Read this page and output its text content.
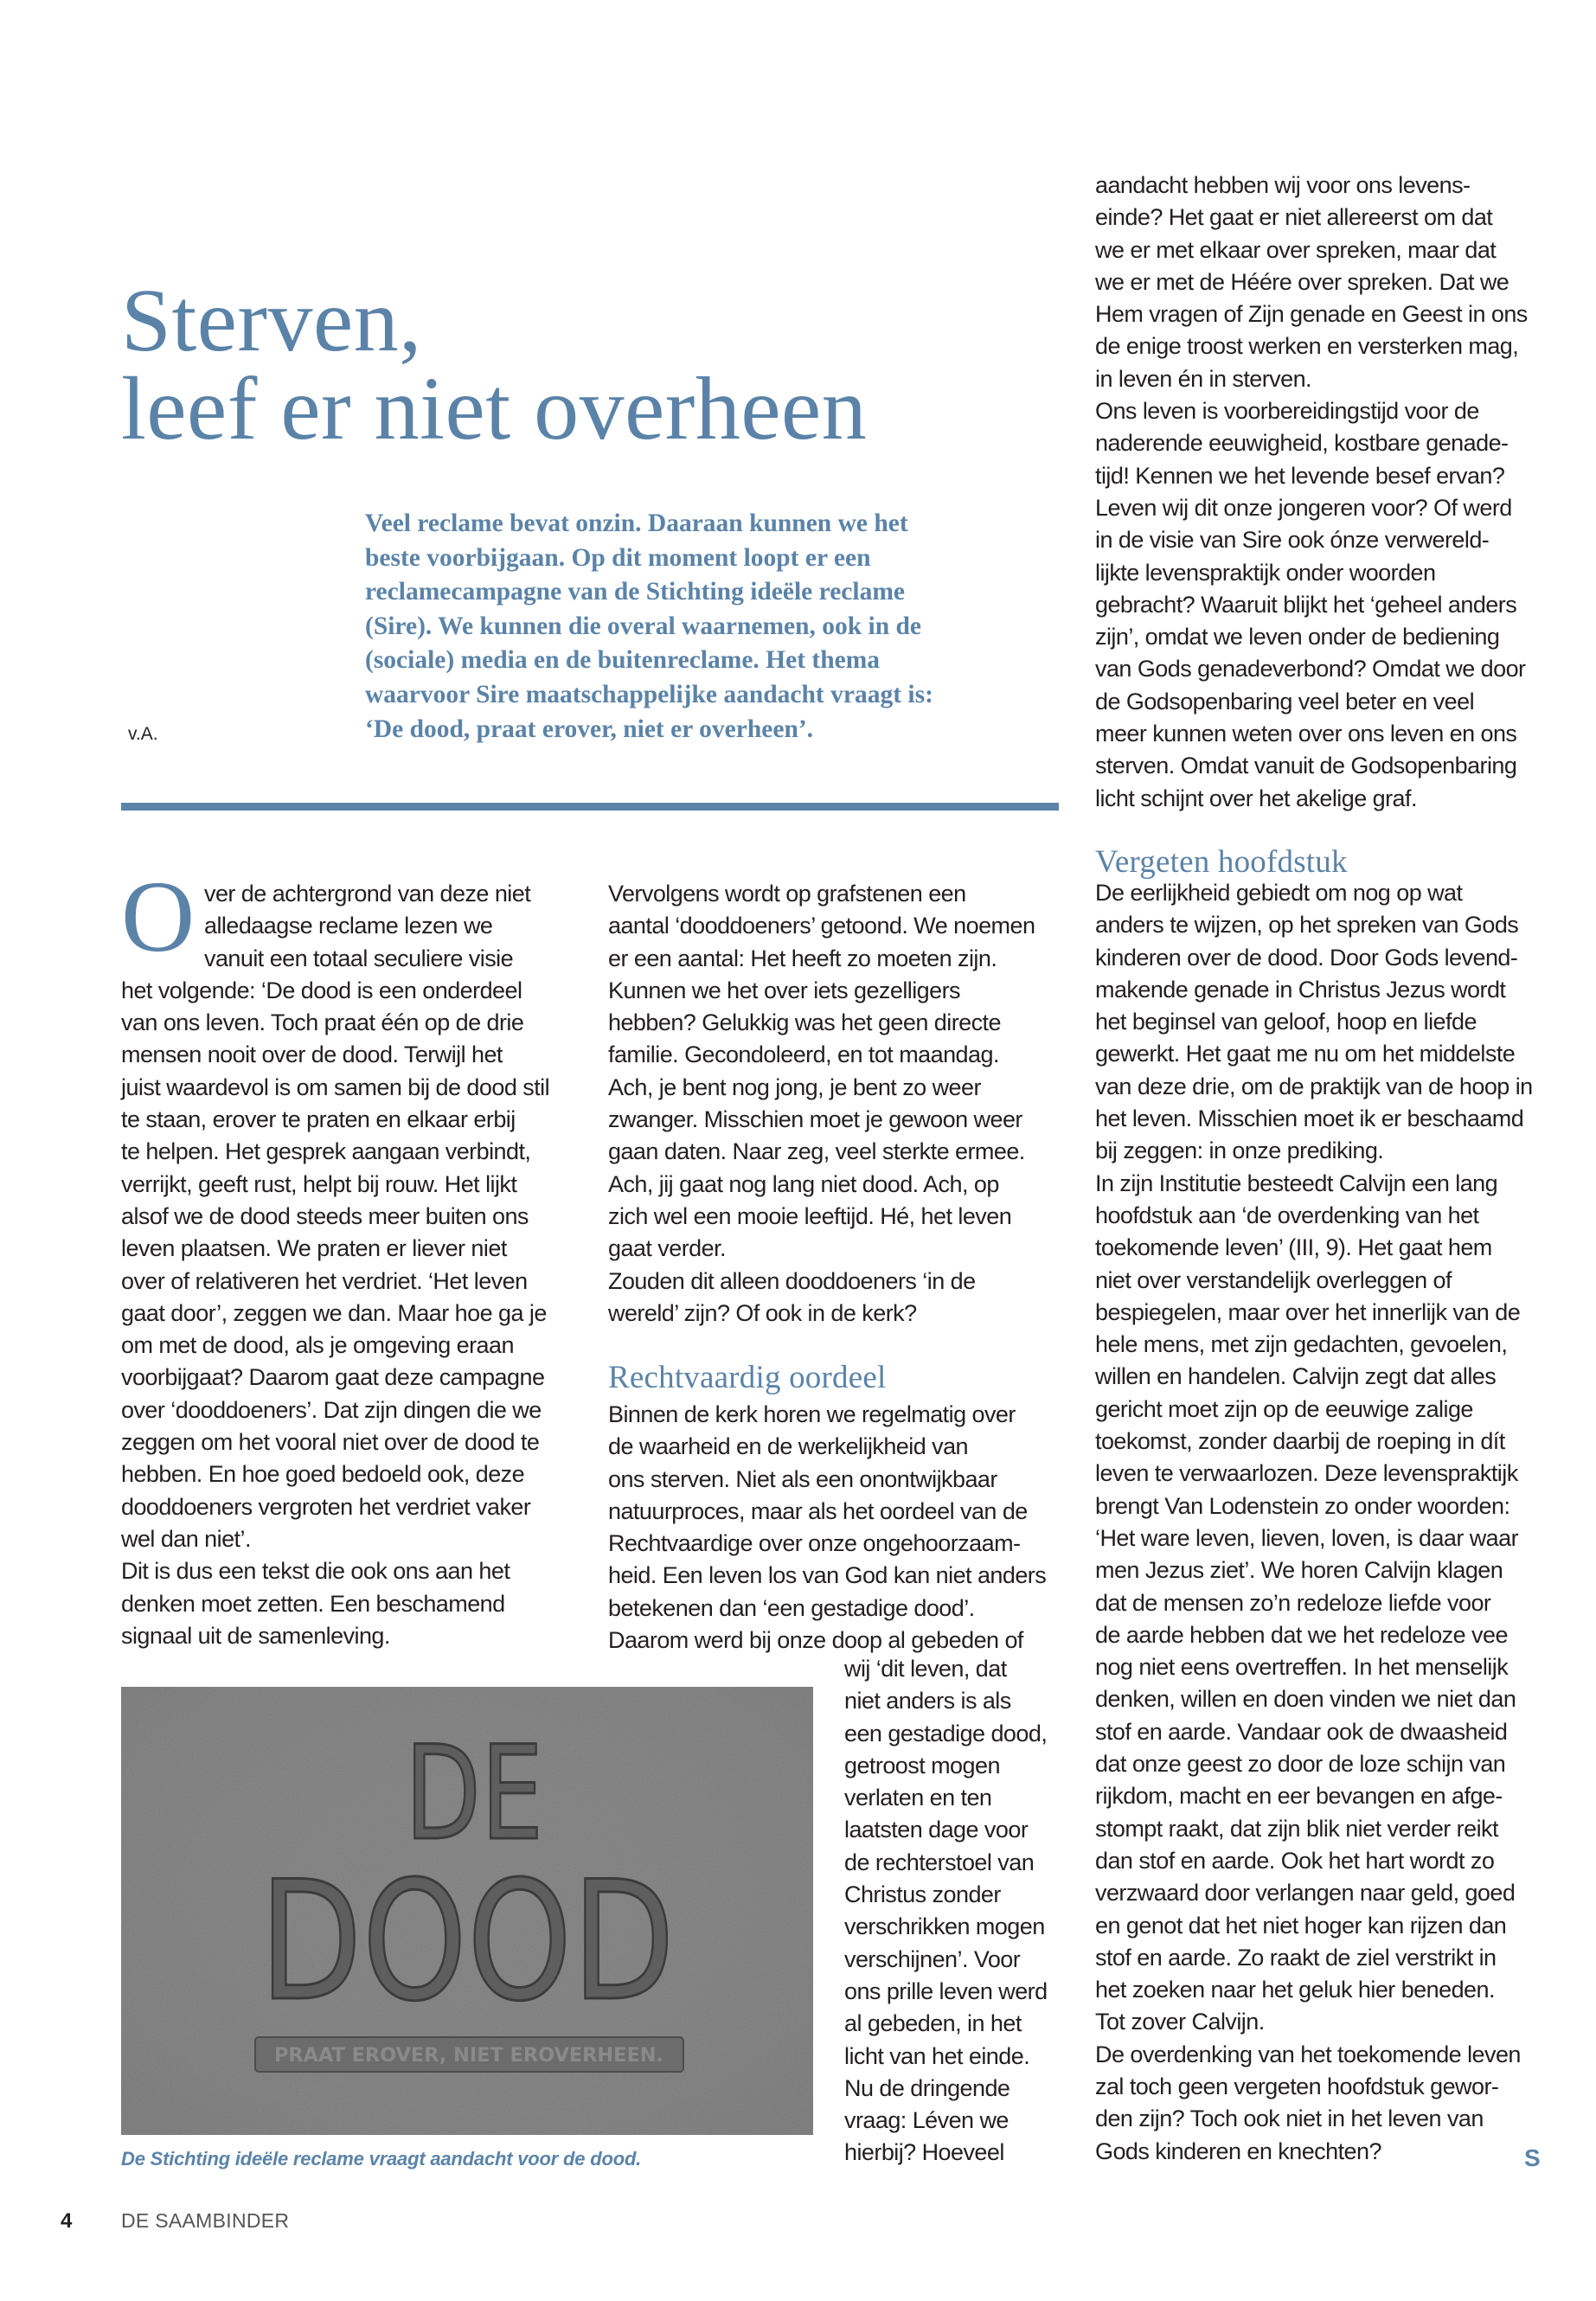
Sterven,
leef er niet overheen
Veel reclame bevat onzin. Daaraan kunnen we het
beste voorbijgaan. Op dit moment loopt er een
reclamecampagne van de Stichting ideële reclame
(Sire). We kunnen die overal waarnemen, ook in de
(sociale) media en de buitenreclame. Het thema
waarvoor Sire maatschappelijke aandacht vraagt is:
‘De dood, praat erover, niet er overheen’.
v.A.
O ver de achtergrond van deze niet
alledaagse reclame lezen we
vanuit een totaal seculiere visie
het volgende: ‘De dood is een onderdeel
van ons leven. Toch praat één op de drie
mensen nooit over de dood. Terwijl het
juist waardevol is om samen bij de dood stil
te staan, erover te praten en elkaar erbij
te helpen. Het gesprek aangaan verbindt,
verrijkt, geeft rust, helpt bij rouw. Het lijkt
alsof we de dood steeds meer buiten ons
leven plaatsen. We praten er liever niet
over of relativeren het verdriet. ‘Het leven
gaat door’, zeggen we dan. Maar hoe ga je
om met de dood, als je omgeving eraan
voorbijgaat? Daarom gaat deze campagne
over ‘dooddoeners’. Dat zijn dingen die we
zeggen om het vooral niet over de dood te
hebben. En hoe goed bedoeld ook, deze
dooddoeners vergroten het verdriet vaker
wel dan niet’.
Dit is dus een tekst die ook ons aan het
denken moet zetten. Een beschamend
signaal uit de samenleving.
Vervolgens wordt op grafstenen een
aantal ‘dooddoeners’ getoond. We noemen
er een aantal: Het heeft zo moeten zijn.
Kunnen we het over iets gezelligers
hebben? Gelukkig was het geen directe
familie. Gecondoleerd, en tot maandag.
Ach, je bent nog jong, je bent zo weer
zwanger. Misschien moet je gewoon weer
gaan daten. Naar zeg, veel sterkte ermee.
Ach, jij gaat nog lang niet dood. Ach, op
zich wel een mooie leeftijd. Hé, het leven
gaat verder.
Zouden dit alleen dooddoeners ‘in de
wereld’ zijn? Of ook in de kerk?
Rechtvaardig oordeel
Binnen de kerk horen we regelmatig over
de waarheid en de werkelijkheid van
ons sterven. Niet als een onontwijkbaar
natuurproces, maar als het oordeel van de
Rechtvaardige over onze ongehoorzaam-
heid. Een leven los van God kan niet anders
betekenen dan ‘een gestadige dood’.
Daarom werd bij onze doop al gebeden of
wij ‘dit leven, dat
niet anders is als
een gestadige dood,
getroost mogen
verlaten en ten
laatsten dage voor
de rechterstoel van
Christus zonder
verschrikken mogen
verschijnen’. Voor
ons prille leven werd
al gebeden, in het
licht van het einde.
Nu de dringende
vraag: Léven we
hierbij? Hoeveel
aandacht hebben wij voor ons levens-
einde? Het gaat er niet allereerst om dat
we er met elkaar over spreken, maar dat
we er met de Héére over spreken. Dat we
Hem vragen of Zijn genade en Geest in ons
de enige troost werken en versterken mag,
in leven én in sterven.
Ons leven is voorbereidingstijd voor de
naderende eeuwigheid, kostbare genade-
tijd! Kennen we het levende besef ervan?
Leven wij dit onze jongeren voor? Of werd
in de visie van Sire ook ónze verwereld-
lijkte levenspraktijk onder woorden
gebracht? Waaruit blijkt het ‘geheel anders
zijn’, omdat we leven onder de bediening
van Gods genadeverbond? Omdat we door
de Godsopenbaring veel beter en veel
meer kunnen weten over ons leven en ons
sterven. Omdat vanuit de Godsopenbaring
licht schijnt over het akelige graf.
Vergeten hoofdstuk
De eerlijkheid gebiedt om nog op wat
anders te wijzen, op het spreken van Gods
kinderen over de dood. Door Gods levend-
makende genade in Christus Jezus wordt
het beginsel van geloof, hoop en liefde
gewerkt. Het gaat me nu om het middelste
van deze drie, om de praktijk van de hoop in
het leven. Misschien moet ik er beschaamd
bij zeggen: in onze prediking.
In zijn Institutie besteedt Calvijn een lang
hoofdstuk aan ‘de overdenking van het
toekomende leven’ (III, 9). Het gaat hem
niet over verstandelijk overleggen of
bespiegelen, maar over het innerlijk van de
hele mens, met zijn gedachten, gevoelen,
willen en handelen. Calvijn zegt dat alles
gericht moet zijn op de eeuwige zalige
toekomst, zonder daarbij de roeping in dít
leven te verwaarlozen. Deze levenspraktijk
brengt Van Lodenstein zo onder woorden:
‘Het ware leven, lieven, loven, is daar waar
men Jezus ziet’. We horen Calvijn klagen
dat de mensen zo’n redeloze liefde voor
de aarde hebben dat we het redeloze vee
nog niet eens overtreffen. In het menselijk
denken, willen en doen vinden we niet dan
stof en aarde. Vandaar ook de dwaasheid
dat onze geest zo door de loze schijn van
rijkdom, macht en eer bevangen en afge-
stompt raakt, dat zijn blik niet verder reikt
dan stof en aarde. Ook het hart wordt zo
verzwaard door verlangen naar geld, goed
en genot dat het niet hoger kan rijzen dan
stof en aarde. Zo raakt de ziel verstrikt in
het zoeken naar het geluk hier beneden.
Tot zover Calvijn.
De overdenking van het toekomende leven
zal toch geen vergeten hoofdstuk gewor-
den zijn? Toch ook niet in het leven van
Gods kinderen en knechten?	S
DE
DOOD
PRAAT EROVER, NIET EROVERHEEN.
De Stichting ideële reclame vraagt aandacht voor de dood.
4 DE SAAMBINDER
